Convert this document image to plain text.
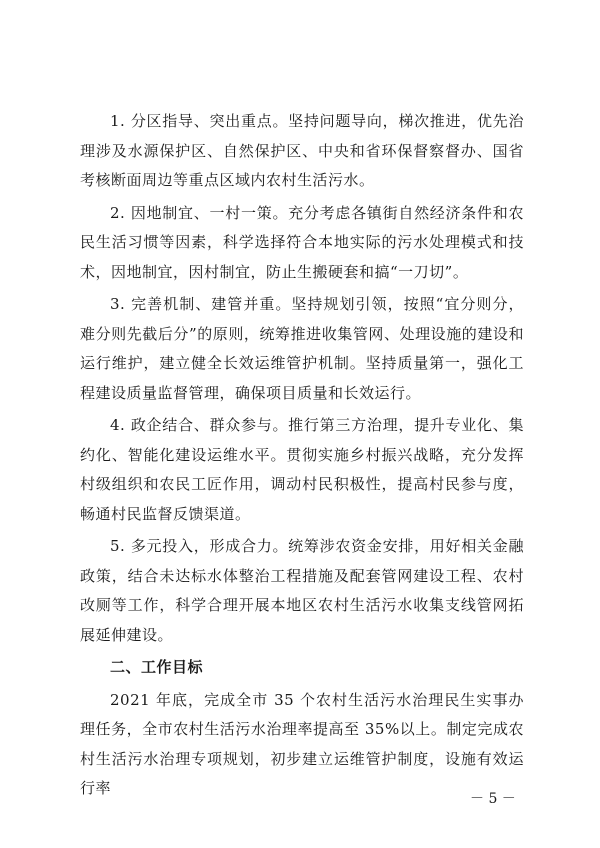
1. 分区指导、突出重点。坚持问题导向，梯次推进，优先治理涉及水源保护区、自然保护区、中央和省环保督察督办、国省考核断面周边等重点区域内农村生活污水。

2. 因地制宜、一村一策。充分考虑各镇街自然经济条件和农民生活习惯等因素，科学选择符合本地实际的污水处理模式和技术，因地制宜，因村制宜，防止生搬硬套和搞“一刀切”。

3. 完善机制、建管并重。坚持规划引领，按照“宜分则分，难分则先截后分”的原则，统筹推进收集管网、处理设施的建设和运行维护，建立健全长效运维管护机制。坚持质量第一，强化工程建设质量监督管理，确保项目质量和长效运行。

4. 政企结合、群众参与。推行第三方治理，提升专业化、集约化、智能化建设运维水平。贯彻实施乡村振兴战略，充分发挥村级组织和农民工匠作用，调动村民积极性，提高村民参与度，畅通村民监督反馈渠道。

5. 多元投入，形成合力。统筹涉农资金安排，用好相关金融政策，结合未达标水体整治工程措施及配套管网建设工程、农村改厕等工作，科学合理开展本地区农村生活污水收集支线管网拓展延伸建设。

二、工作目标

2021 年底，完成全市 35 个农村生活污水治理民生实事办理任务，全市农村生活污水治理率提高至 35%以上。制定完成农村生活污水治理专项规划，初步建立运维管护制度，设施有效运行率

－ 5 －
